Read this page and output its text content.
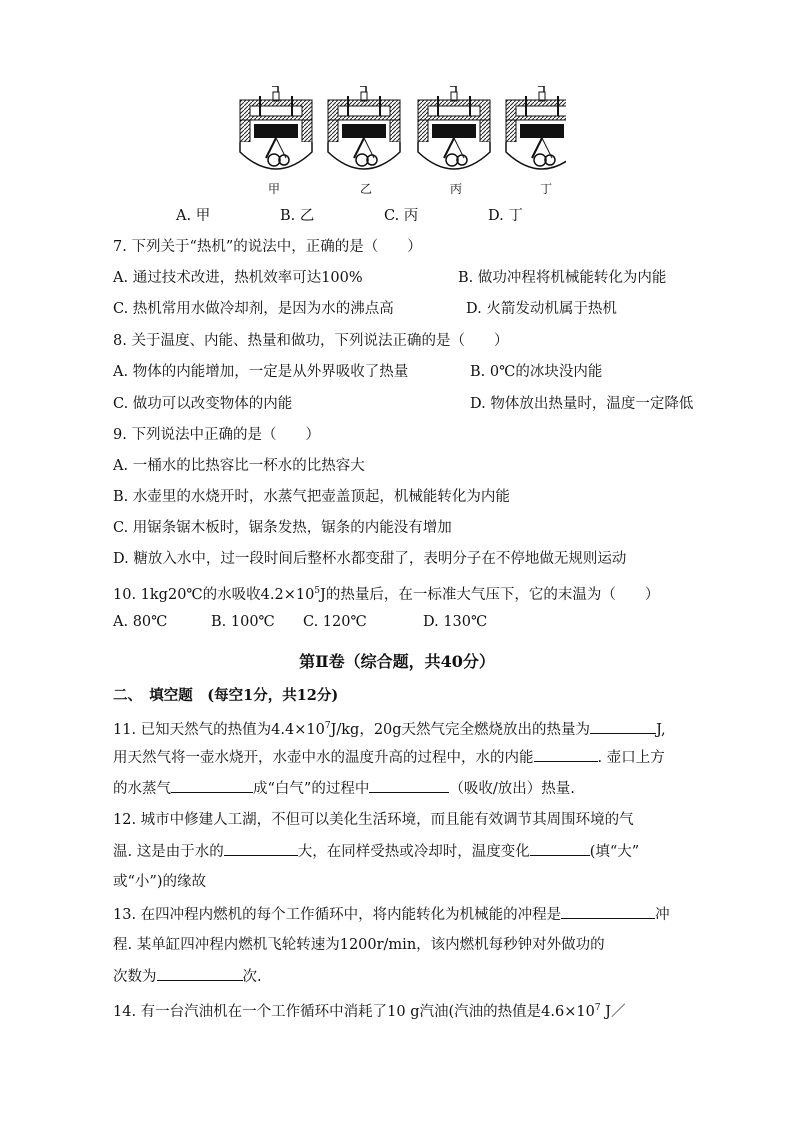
甲	乙	丙	丁
A. 甲	B. 乙	C. 丙	D. 丁
7. 下列关于“热机”的说法中，正确的是（　　）
A. 通过技术改进，热机效率可达100%	B. 做功冲程将机械能转化为内能
C. 热机常用水做冷却剂，是因为水的沸点高	D. 火箭发动机属于热机
8. 关于温度、内能、热量和做功，下列说法正确的是（　　）
A. 物体的内能增加，一定是从外界吸收了热量	B. 0℃的冰块没内能
C. 做功可以改变物体的内能	D. 物体放出热量时，温度一定降低
9. 下列说法中正确的是（　　）
A. 一桶水的比热容比一杯水的比热容大
B. 水壶里的水烧开时，水蒸气把壶盖顶起，机械能转化为内能
C. 用锯条锯木板时，锯条发热，锯条的内能没有增加
D. 糖放入水中，过一段时间后整杯水都变甜了，表明分子在不停地做无规则运动
10. 1kg20℃的水吸收$4.2\times 10^5J$的热量后，在一标准大气压下，它的末温为（　　）
A. 80℃	B. 100℃ C. 120℃	D. 130℃
第Ⅱ卷（综合题，共40分）
二、　填空题　(每空1分，共12分)
11. 已知天然气的热值为$4.4\times 10^7J/kg$，20g天然气完全燃烧放出的热量为	J,
用天然气将一壶水烧开，水壶中水的温度升高的过程中，水的内能	. 壶口上方
的水蒸气	成“白气”的过程中	（吸收/放出）热量.
12. 城市中修建人工湖，不但可以美化生活环境，而且能有效调节其周围环境的气
温. 这是由于水的	大，在同样受热或冷却时，温度变化	(填“大”
或“小”)的缘故
13. 在四冲程内燃机的每个工作循环中，将内能转化为机械能的冲程是	冲
程. 某单缸四冲程内燃机飞轮转速为1200r/min，该内燃机每秒钟对外做功的
次数为	次.
14. 有一台汽油机在一个工作循环中消耗了10 g汽油(汽油的热值是$4.6\times 10^7$ J／
